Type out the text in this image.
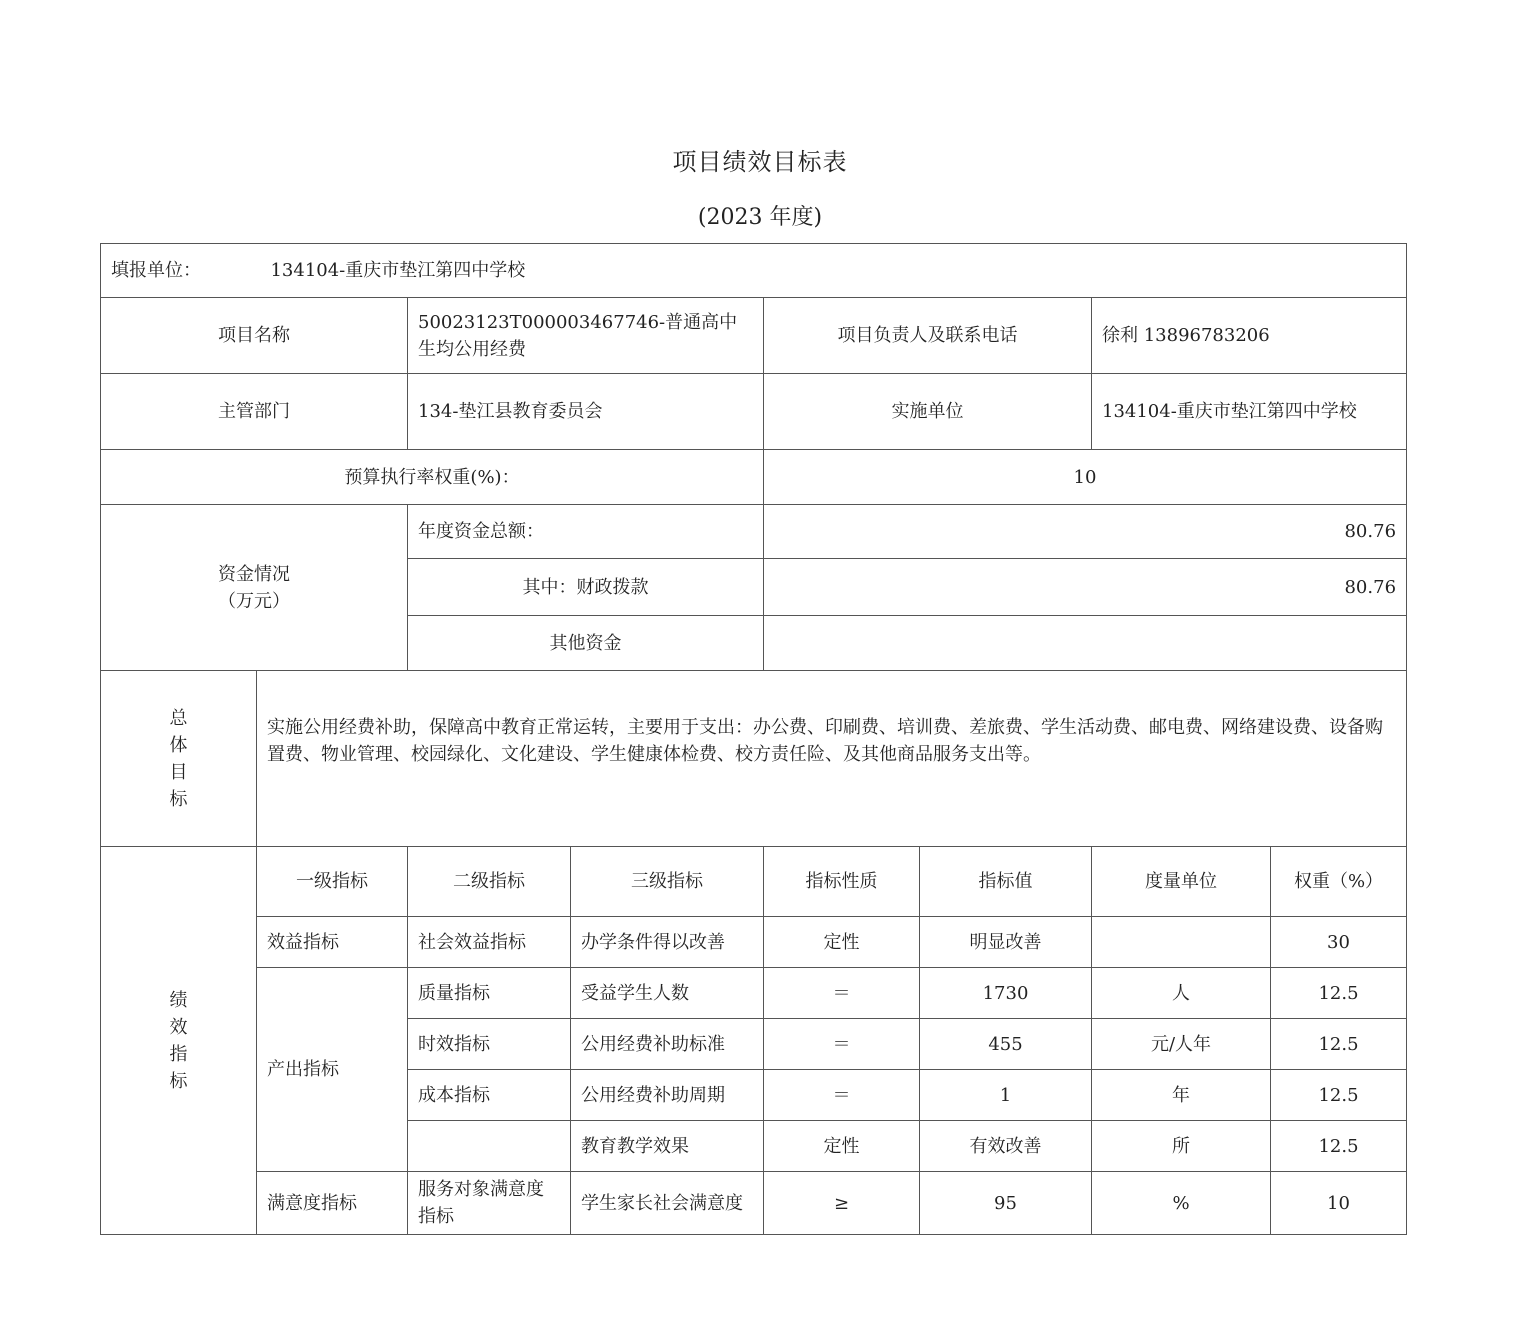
项目绩效目标表
(2023 年度)
填报单位： 134104-重庆市垫江第四中学校							
项目名称		50023123T000003467746-普通高中生均公用经费		项目负责人及联系电话		徐利 13896783206	
主管部门		134-垫江县教育委员会		实施单位		134104-重庆市垫江第四中学校	
预算执行率权重(%)：				10			

资金情况
（万元）		年度资金总额：		80.76			
		其中：财政拨款		80.76			
		其他资金					

总
体
目
标	实施公用经费补助，保障高中教育正常运转，主要用于支出：办公费、印刷费、培训费、差旅费、学生活动费、邮电费、网络建设费、设备购置费、物业管理、校园绿化、文化建设、学生健康体检费、校方责任险、及其他商品服务支出等。						

绩
效
指
标	一级指标	二级指标	三级指标	指标性质	指标值	度量单位	权重（%）
	效益指标	社会效益指标	办学条件得以改善	定性	明显改善		30
	产出指标	质量指标	受益学生人数	＝	1730	人	12.5
		时效指标	公用经费补助标准	＝	455	元/人年	12.5
		成本指标	公用经费补助周期	＝	1	年	12.5
			教育教学效果	定性	有效改善	所	12.5
	满意度指标	服务对象满意度指标	学生家长社会满意度	≥	95	%	10
